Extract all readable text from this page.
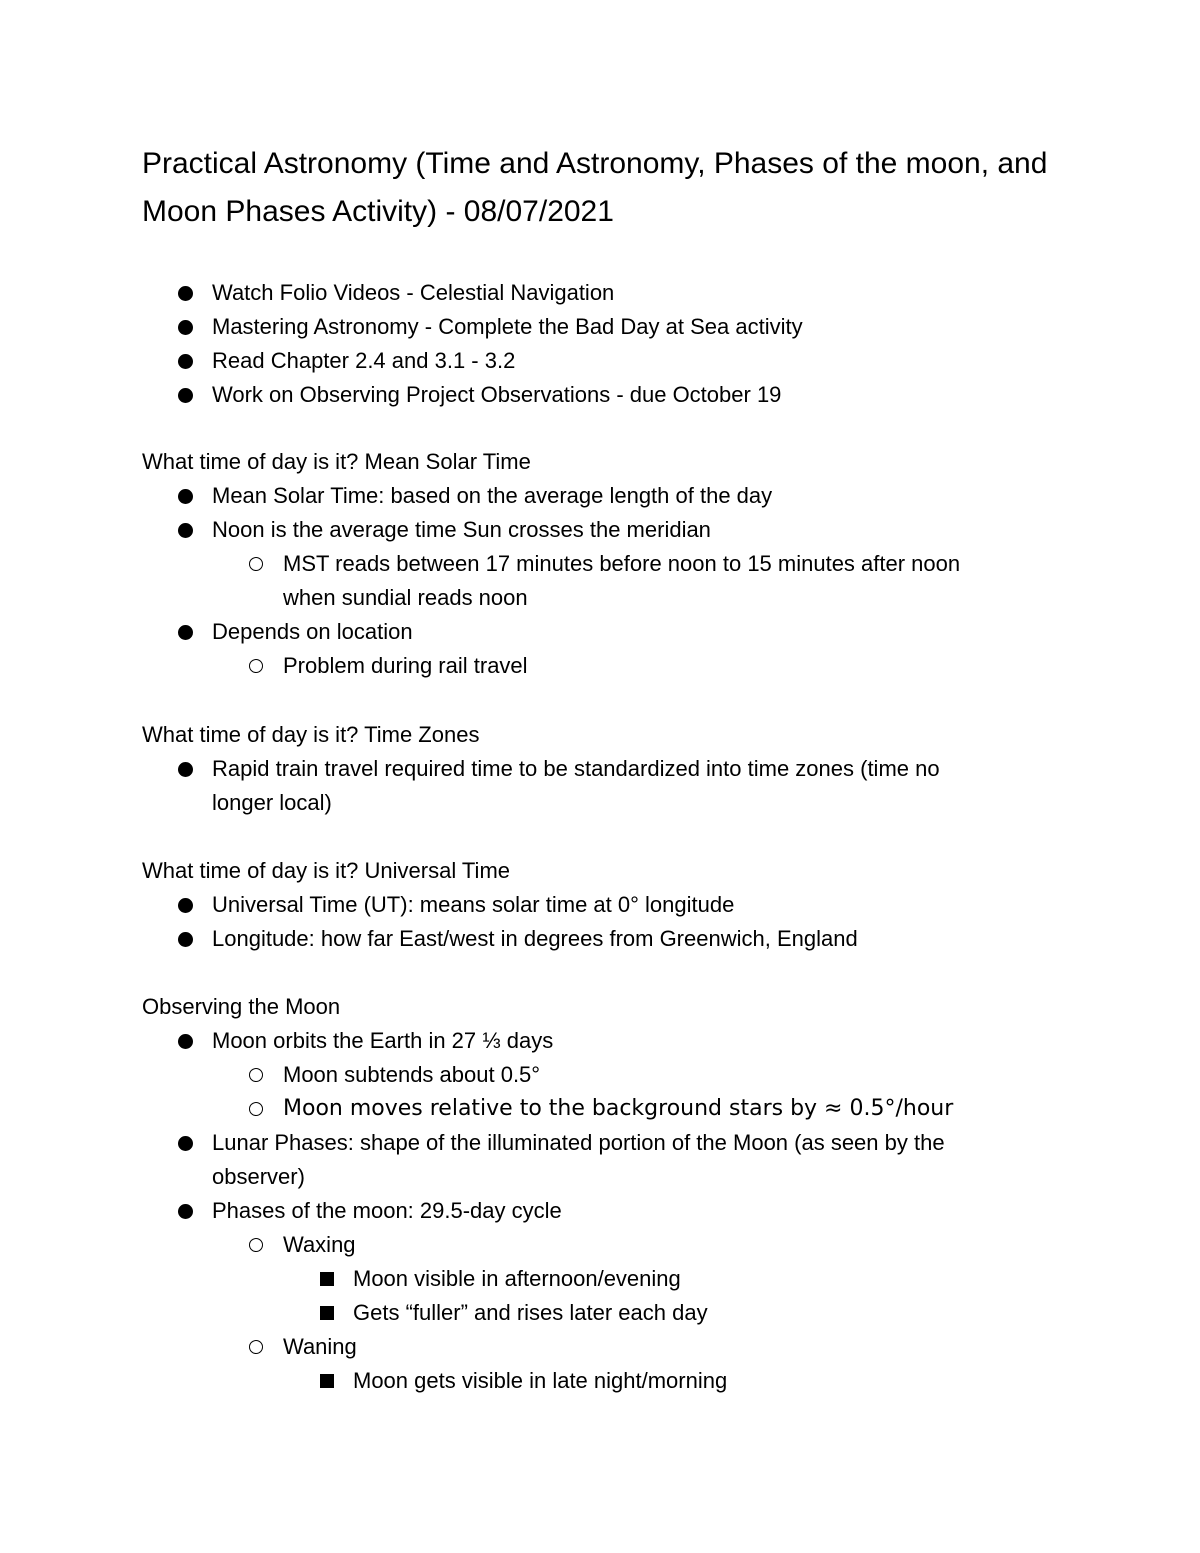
Practical Astronomy (Time and Astronomy, Phases of the moon, and Moon Phases Activity) - 08/07/2021
Watch Folio Videos - Celestial Navigation
Mastering Astronomy - Complete the Bad Day at Sea activity
Read Chapter 2.4 and 3.1 - 3.2
Work on Observing Project Observations - due October 19
What time of day is it? Mean Solar Time
Mean Solar Time: based on the average length of the day
Noon is the average time Sun crosses the meridian
MST reads between 17 minutes before noon to 15 minutes after noon
when sundial reads noon
Depends on location
Problem during rail travel
What time of day is it? Time Zones
Rapid train travel required time to be standardized into time zones (time no
longer local)
What time of day is it? Universal Time
Universal Time (UT): means solar time at 0° longitude
Longitude: how far East/west in degrees from Greenwich, England
Observing the Moon
Moon orbits the Earth in 27 ⅓ days
Moon subtends about 0.5°
Moon moves relative to the background stars by ≈ 0.5°/hour
Lunar Phases: shape of the illuminated portion of the Moon (as seen by the
observer)
Phases of the moon: 29.5-day cycle
Waxing
Moon visible in afternoon/evening
Gets “fuller” and rises later each day
Waning
Moon gets visible in late night/morning
